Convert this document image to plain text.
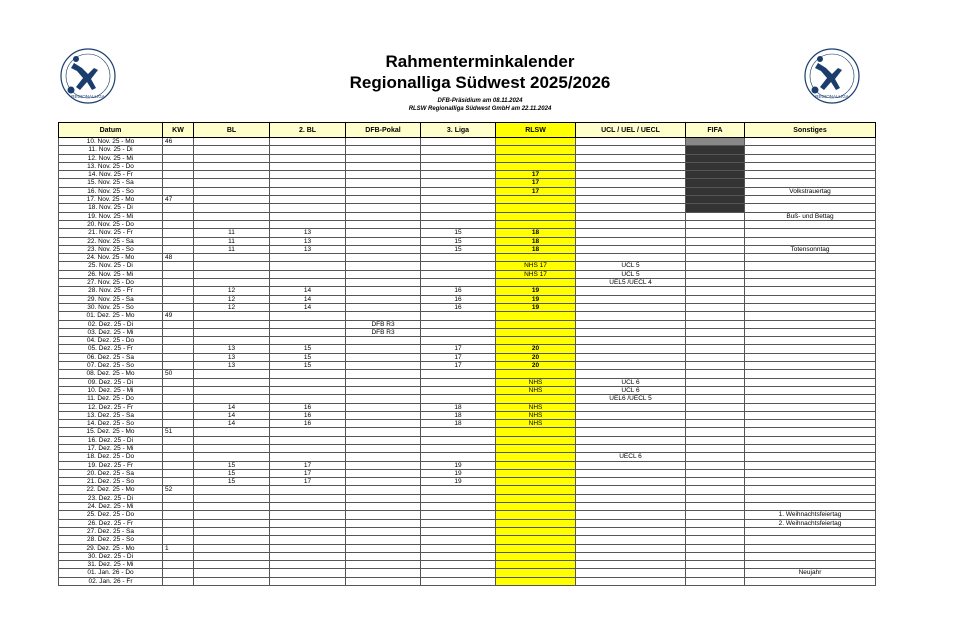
REGIONALLIGA	REGIONALLIGA
Rahmenterminkalender
Regionalliga Südwest 2025/2026
DFB-Präsidium am 08.11.2024
RLSW Regionalliga Südwest GmbH am 22.11.2024
Datum	KW	BL	2. BL	DFB-Pokal	3. Liga	RLSW	UCL / UEL / UECL	FIFA	Sonstiges
10. Nov. 25 - Mo	46								
11. Nov. 25 - Di									
12. Nov. 25 - Mi									
13. Nov. 25 - Do									
14. Nov. 25 - Fr						17			
15. Nov. 25 - Sa						17			
16. Nov. 25 - So						17			Volkstrauertag
17. Nov. 25 - Mo	47								
18. Nov. 25 - Di									
19. Nov. 25 - Mi									Buß- und Bettag
20. Nov. 25 - Do									
21. Nov. 25 - Fr		11	13		15	18			
22. Nov. 25 - Sa		11	13		15	18			
23. Nov. 25 - So		11	13		15	18			Totensonntag
24. Nov. 25 - Mo	48								
25. Nov. 25 - Di						NHS 17	UCL 5		
26. Nov. 25 - Mi						NHS 17	UCL 5		
27. Nov. 25 - Do							UEL5 /UECL 4		
28. Nov. 25 - Fr		12	14		16	19			
29. Nov. 25 - Sa		12	14		16	19			
30. Nov. 25 - So		12	14		16	19			
01. Dez. 25 - Mo	49								
02. Dez. 25 - Di				DFB R3					
03. Dez. 25 - Mi				DFB R3					
04. Dez. 25 - Do									
05. Dez. 25 - Fr		13	15		17	20			
06. Dez. 25 - Sa		13	15		17	20			
07. Dez. 25 - So		13	15		17	20			
08. Dez. 25 - Mo	50								
09. Dez. 25 - Di						NHS	UCL 6		
10. Dez. 25 - Mi						NHS	UCL 6		
11. Dez. 25 - Do							UEL6 /UECL 5		
12. Dez. 25 - Fr		14	16		18	NHS			
13. Dez. 25 - Sa		14	16		18	NHS			
14. Dez. 25 - So		14	16		18	NHS			
15. Dez. 25 - Mo	51								
16. Dez. 25 - Di									
17. Dez. 25 - Mi									
18. Dez. 25 - Do							UECL 6		
19. Dez. 25 - Fr		15	17		19				
20. Dez. 25 - Sa		15	17		19				
21. Dez. 25 - So		15	17		19				
22. Dez. 25 - Mo	52								
23. Dez. 25 - Di									
24. Dez. 25 - Mi									
25. Dez. 25 - Do									1. Weihnachtsfeiertag
26. Dez. 25 - Fr									2. Weihnachtsfeiertag
27. Dez. 25 - Sa									
28. Dez. 25 - So									
29. Dez. 25 - Mo	1								
30. Dez. 25 - Di									
31. Dez. 25 - Mi									
01. Jan. 26 - Do									Neujahr
02. Jan. 26 - Fr									
